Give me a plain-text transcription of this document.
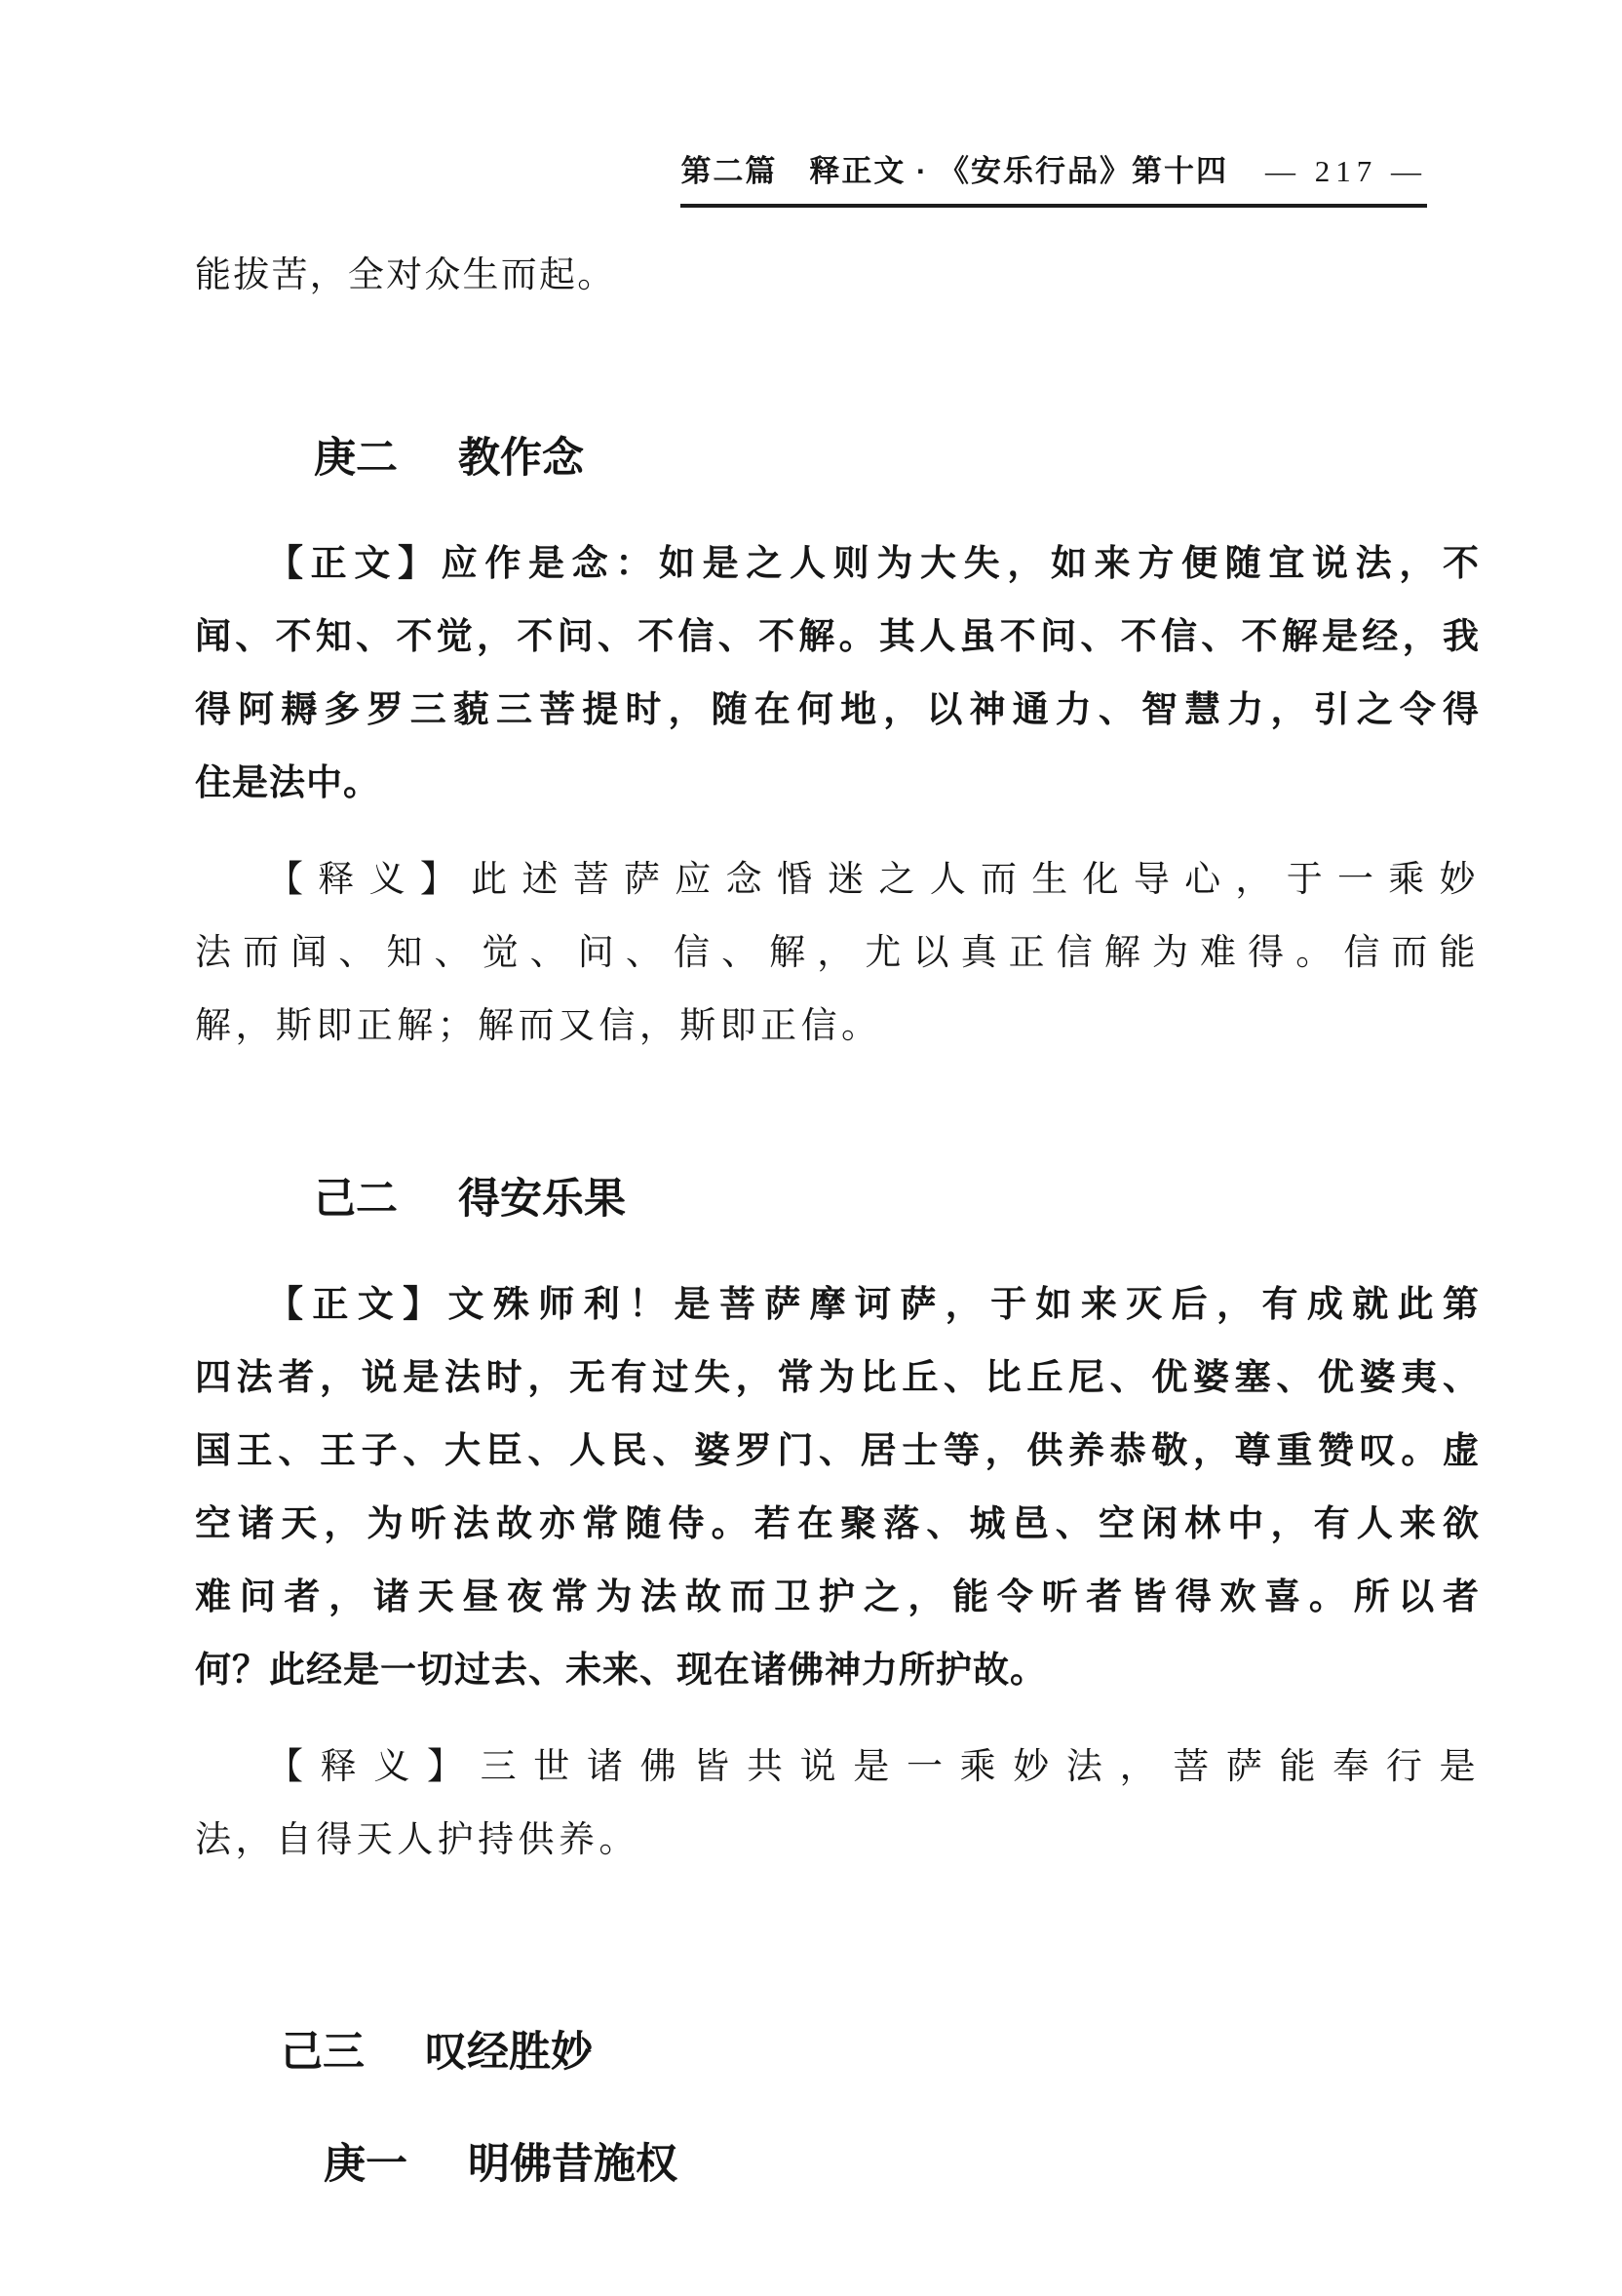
第二篇　释正文 · 《安乐行品》第十四 — 217 —
能拔苦，全对众生而起。
庚二 教作念
【正文】应作是念：如是之人则为大失，如来方便随宜说法，不
闻、不知、不觉，不问、不信、不解。其人虽不问、不信、不解是经，我
得阿耨多罗三藐三菩提时，随在何地，以神通力、智慧力，引之令得
住是法中。
【释义】此述菩萨应念惛迷之人而生化导心，于一乘妙
法而闻、知、觉、问、信、解，尤以真正信解为难得。信而能
解，斯即正解；解而又信，斯即正信。
己二 得安乐果
【正文】文殊师利！是菩萨摩诃萨，于如来灭后，有成就此第
四法者，说是法时，无有过失，常为比丘、比丘尼、优婆塞、优婆夷、
国王、王子、大臣、人民、婆罗门、居士等，供养恭敬，尊重赞叹。虚
空诸天，为听法故亦常随侍。若在聚落、城邑、空闲林中，有人来欲
难问者，诸天昼夜常为法故而卫护之，能令听者皆得欢喜。所以者
何？此经是一切过去、未来、现在诸佛神力所护故。
【释义】三世诸佛皆共说是一乘妙法，菩萨能奉行是
法，自得天人护持供养。
己三 叹经胜妙
庚一 明佛昔施权
